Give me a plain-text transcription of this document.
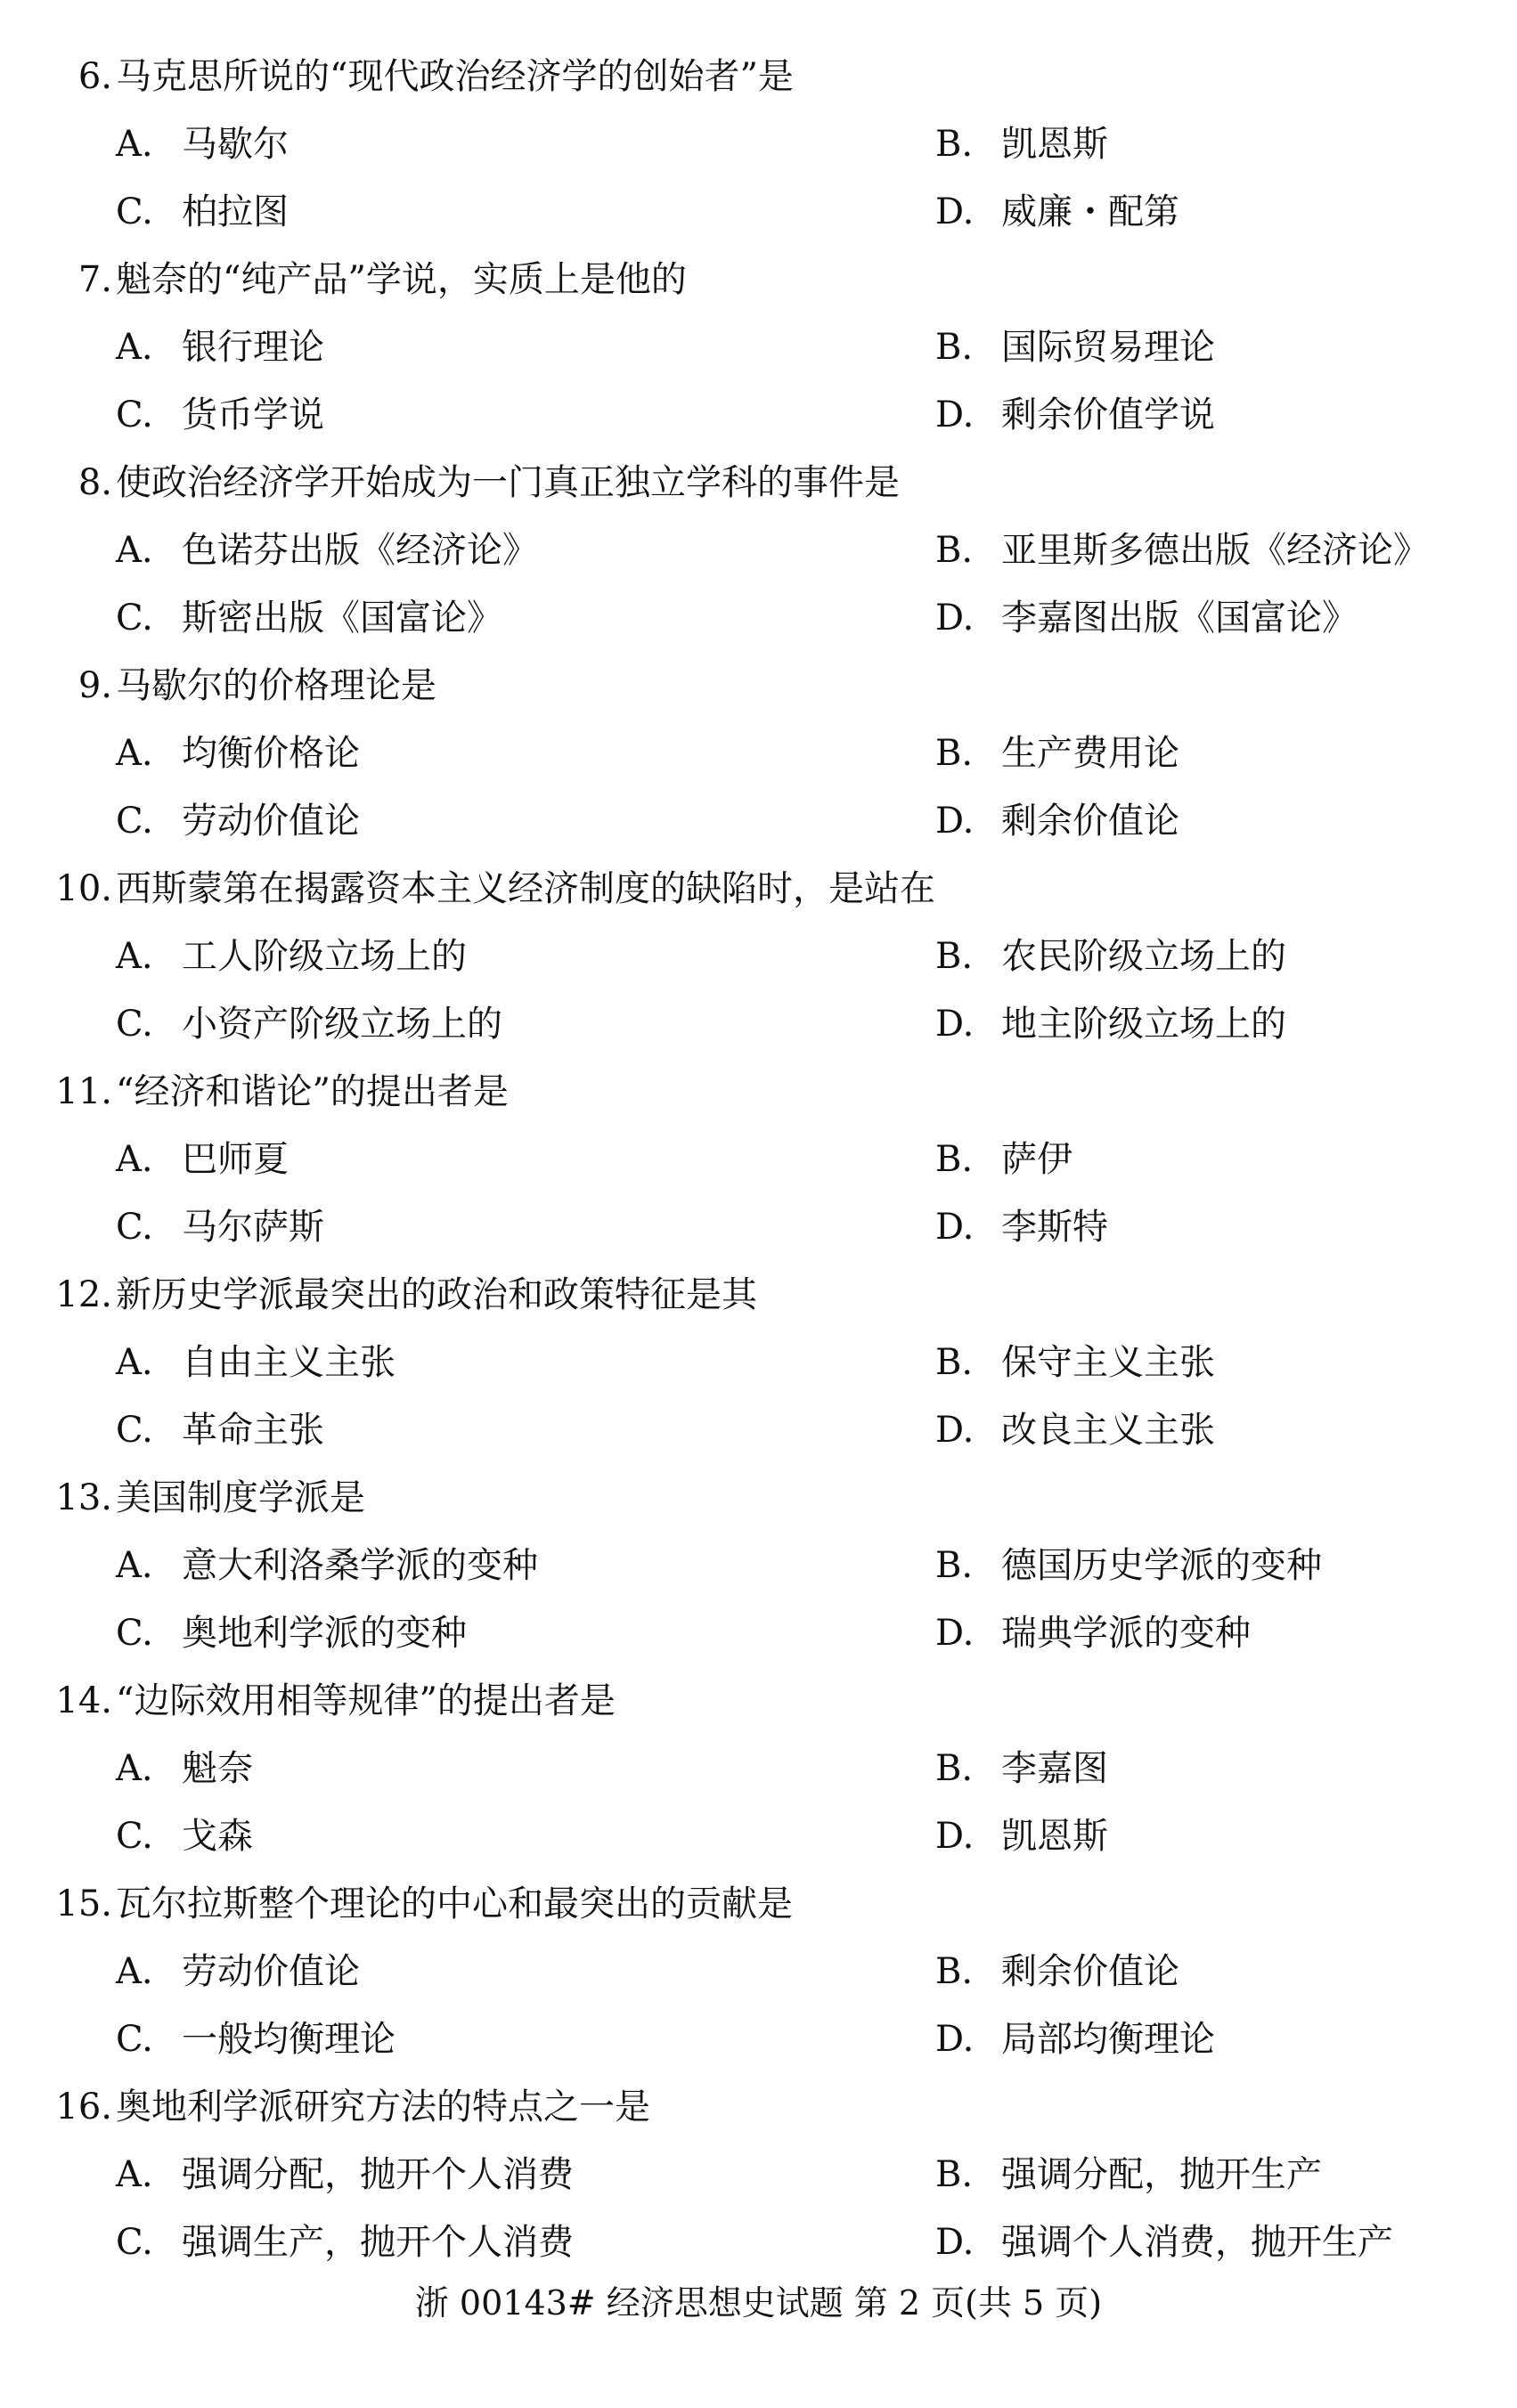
6. 马克思所说的“现代政治经济学的创始者”是
A. 马歇尔	B. 凯恩斯
C. 柏拉图	D. 威廉・配第
7. 魁奈的“纯产品”学说，实质上是他的
A. 银行理论	B. 国际贸易理论
C. 货币学说	D. 剩余价值学说
8. 使政治经济学开始成为一门真正独立学科的事件是
A. 色诺芬出版《经济论》	B. 亚里斯多德出版《经济论》
C. 斯密出版《国富论》	D. 李嘉图出版《国富论》
9. 马歇尔的价格理论是
A. 均衡价格论	B. 生产费用论
C. 劳动价值论	D. 剩余价值论
10. 西斯蒙第在揭露资本主义经济制度的缺陷时，是站在
A. 工人阶级立场上的	B. 农民阶级立场上的
C. 小资产阶级立场上的	D. 地主阶级立场上的
11. “经济和谐论”的提出者是
A. 巴师夏	B. 萨伊
C. 马尔萨斯	D. 李斯特
12. 新历史学派最突出的政治和政策特征是其
A. 自由主义主张	B. 保守主义主张
C. 革命主张	D. 改良主义主张
13. 美国制度学派是
A. 意大利洛桑学派的变种	B. 德国历史学派的变种
C. 奥地利学派的变种	D. 瑞典学派的变种
14. “边际效用相等规律”的提出者是
A. 魁奈	B. 李嘉图
C. 戈森	D. 凯恩斯
15. 瓦尔拉斯整个理论的中心和最突出的贡献是
A. 劳动价值论	B. 剩余价值论
C. 一般均衡理论	D. 局部均衡理论
16. 奥地利学派研究方法的特点之一是
A. 强调分配，抛开个人消费	B. 强调分配，抛开生产
C. 强调生产，抛开个人消费	D. 强调个人消费，抛开生产
浙 00143# 经济思想史试题 第 2 页(共 5 页)
